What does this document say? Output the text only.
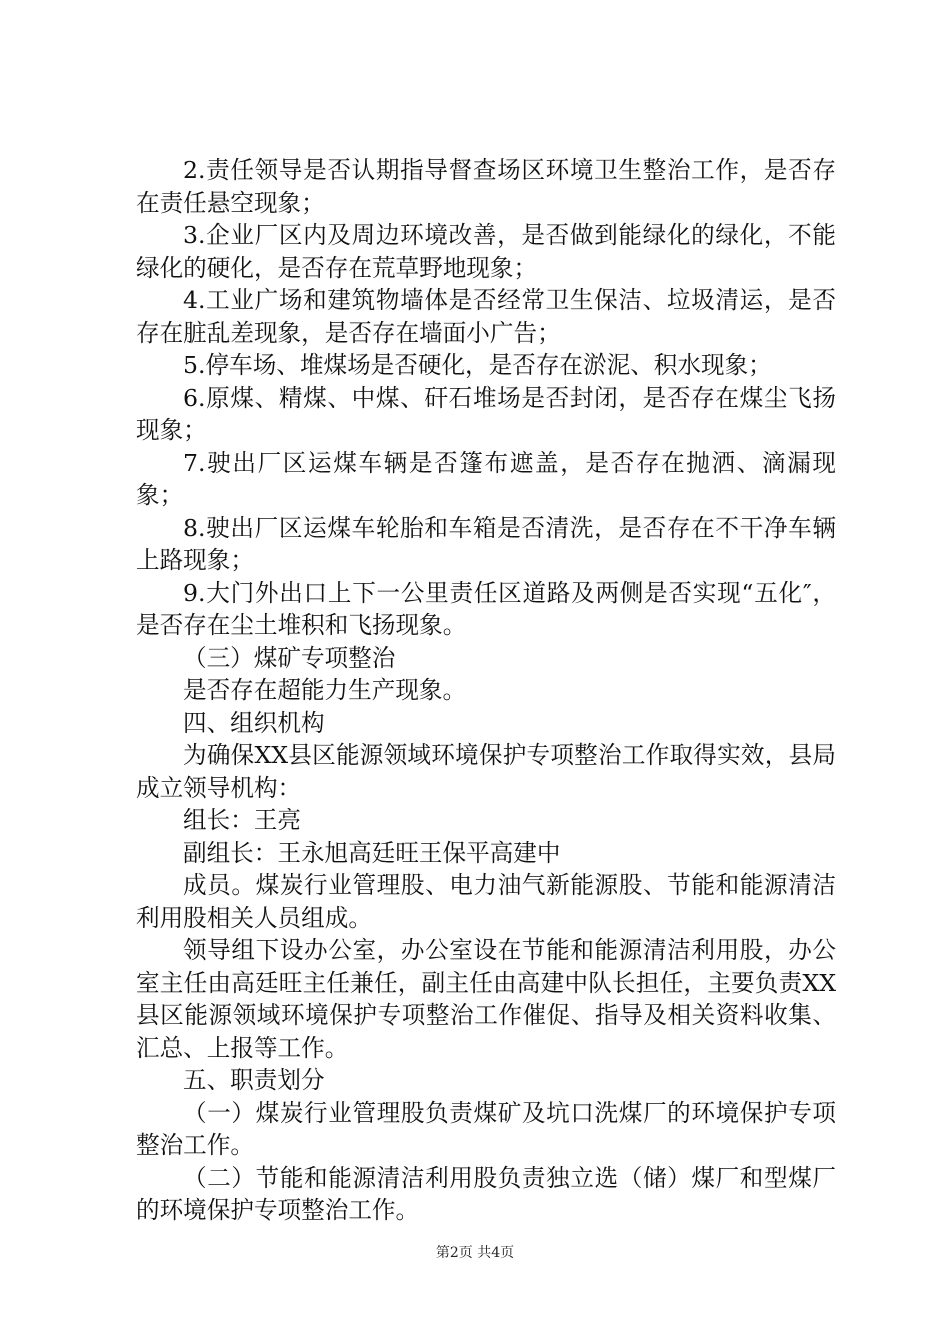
2.责任领导是否认期指导督查场区环境卫生整治工作，是否存在责任悬空现象；

3.企业厂区内及周边环境改善，是否做到能绿化的绿化，不能绿化的硬化，是否存在荒草野地现象；

4.工业广场和建筑物墙体是否经常卫生保洁、垃圾清运，是否存在脏乱差现象，是否存在墙面小广告；

5.停车场、堆煤场是否硬化，是否存在淤泥、积水现象；

6.原煤、精煤、中煤、矸石堆场是否封闭，是否存在煤尘飞扬现象；

7.驶出厂区运煤车辆是否篷布遮盖，是否存在抛洒、滴漏现象；

8.驶出厂区运煤车轮胎和车箱是否清洗，是否存在不干净车辆上路现象；

9.大门外出口上下一公里责任区道路及两侧是否实现“五化″，是否存在尘土堆积和飞扬现象。

（三）煤矿专项整治

是否存在超能力生产现象。

四、组织机构

为确保XX县区能源领域环境保护专项整治工作取得实效，县局成立领导机构：

组长：王亮

副组长：王永旭高廷旺王保平高建中

成员。煤炭行业管理股、电力油气新能源股、节能和能源清洁利用股相关人员组成。

领导组下设办公室，办公室设在节能和能源清洁利用股，办公室主任由高廷旺主任兼任，副主任由高建中队长担任，主要负责XX县区能源领域环境保护专项整治工作催促、指导及相关资料收集、汇总、上报等工作。

五、职责划分

（一）煤炭行业管理股负责煤矿及坑口洗煤厂的环境保护专项整治工作。

（二）节能和能源清洁利用股负责独立选（储）煤厂和型煤厂的环境保护专项整治工作。

第2页 共4页
